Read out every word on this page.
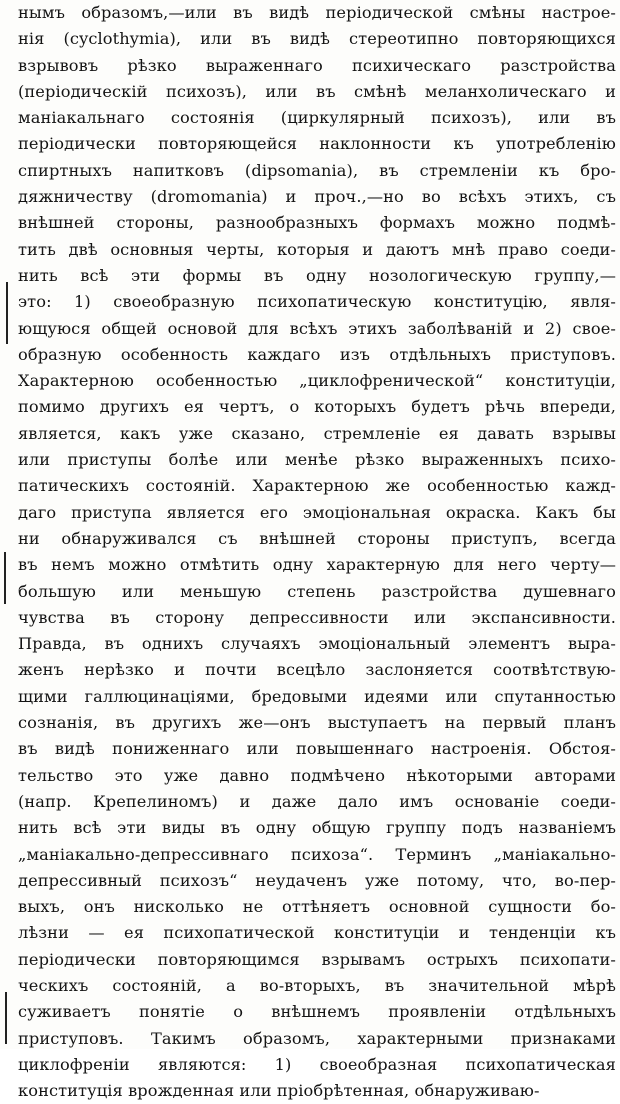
нымъ образомъ,—или въ видѣ періодической смѣны настрое-
нія (cyclothymia), или въ видѣ стереотипно повторяющихся
взрывовъ рѣзко выраженнаго психическаго разстройства
(періодическій психозъ), или въ смѣнѣ меланхолическаго и
маніакальнаго состоянія (циркулярный психозъ), или въ
періодически повторяющейся наклонности къ употребленію
спиртныхъ напитковъ (dipsomania), въ стремленіи къ бро-
дяжничеству (dromomania) и проч.,—но во всѣхъ этихъ, съ
внѣшней стороны, разнообразныхъ формахъ можно подмѣ-
тить двѣ основныя черты, которыя и даютъ мнѣ право соеди-
нить всѣ эти формы въ одну нозологическую группу,—
это: 1) своеобразную психопатическую конституцію, явля-
ющуюся общей основой для всѣхъ этихъ заболѣваній и 2) свое-
образную особенность каждаго изъ отдѣльныхъ приступовъ.
Характерною особенностью „циклофренической“ конституціи,
помимо другихъ ея чертъ, о которыхъ будетъ рѣчь впереди,
является, какъ уже сказано, стремленіе ея давать взрывы
или приступы болѣе или менѣе рѣзко выраженныхъ психо-
патическихъ состояній. Характерною же особенностью кажд-
даго приступа является его эмоціональная окраска. Какъ бы
ни обнаруживался съ внѣшней стороны приступъ, всегда
въ немъ можно отмѣтить одну характерную для него черту—
большую или меньшую степень разстройства душевнаго
чувства въ сторону депрессивности или экспансивности.
Правда, въ однихъ случаяхъ эмоціональный элементъ выра-
женъ нерѣзко и почти всецѣло заслоняется соотвѣтствую-
щими галлюцинаціями, бредовыми идеями или спутанностью
сознанія, въ другихъ же—онъ выступаетъ на первый планъ
въ видѣ пониженнаго или повышеннаго настроенія. Обстоя-
тельство это уже давно подмѣчено нѣкоторыми авторами
(напр. Крепелиномъ) и даже дало имъ основаніе соеди-
нить всѣ эти виды въ одну общую группу подъ названіемъ
„маніакально-депрессивнаго психоза“. Терминъ „маніакально-
депрессивный психозъ“ неудаченъ уже потому, что, во-пер-
выхъ, онъ нисколько не оттѣняетъ основной сущности бо-
лѣзни — ея психопатической конституціи и тенденціи къ
періодически повторяющимся взрывамъ острыхъ психопати-
ческихъ состояній, а во-вторыхъ, въ значительной мѣрѣ
суживаетъ понятіе о внѣшнемъ проявленіи отдѣльныхъ
приступовъ. Такимъ образомъ, характерными признаками
циклофреніи являются: 1) своеобразная психопатическая
конституція врожденная или пріобрѣтенная, обнаруживаю-
